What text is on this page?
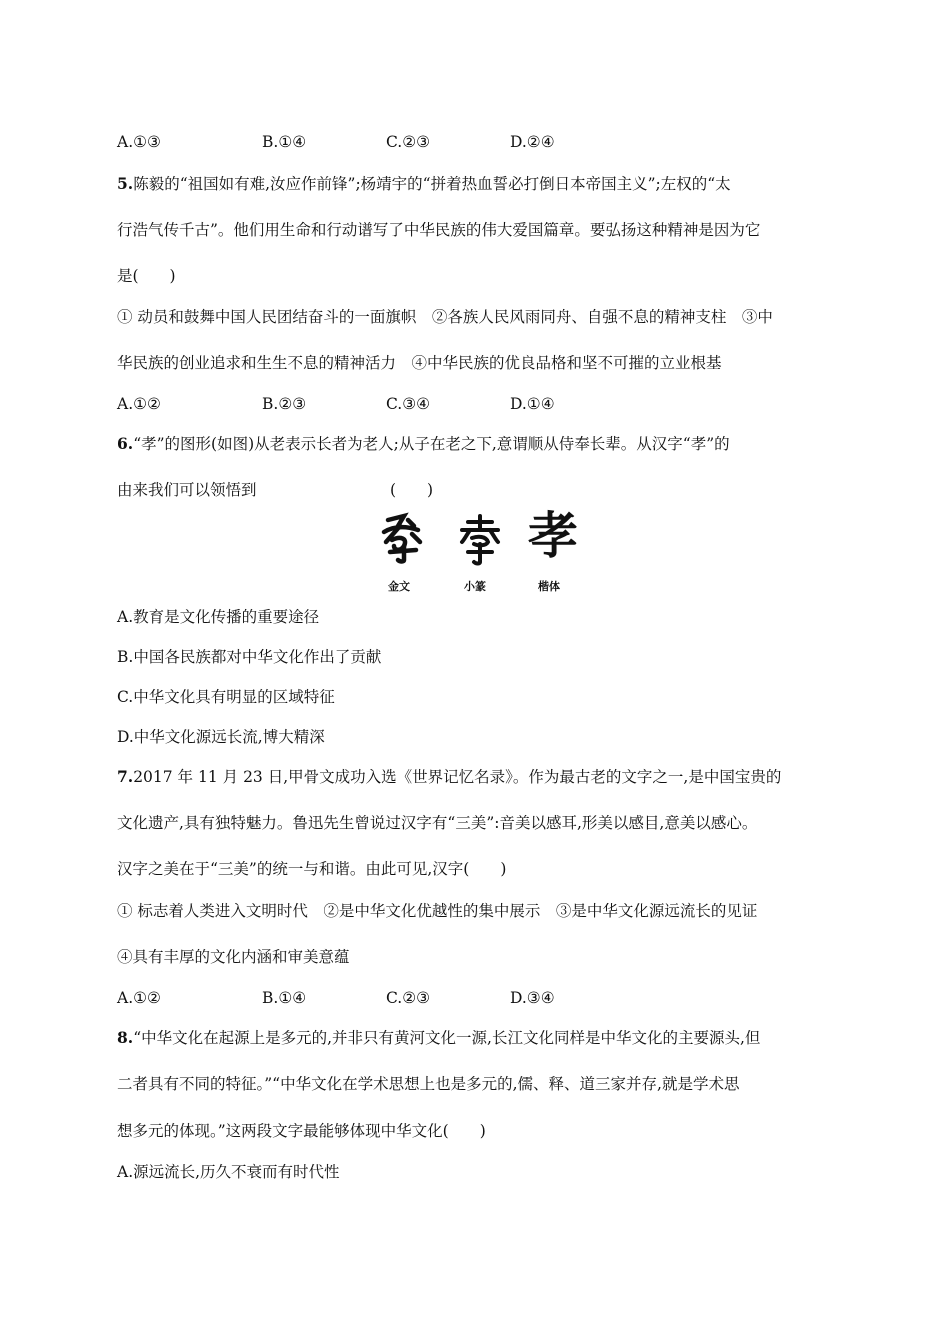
A.①③	B.①④	C.②③	D.②④
5.陈毅的“祖国如有难,汝应作前锋”;杨靖宇的“拼着热血誓必打倒日本帝国主义”;左权的“太
行浩气传千古”。他们用生命和行动谱写了中华民族的伟大爱国篇章。要弘扬这种精神是因为它
是(　　)
① 动员和鼓舞中国人民团结奋斗的一面旗帜　②各族人民风雨同舟、自强不息的精神支柱　③中
华民族的创业追求和生生不息的精神活力　④中华民族的优良品格和坚不可摧的立业根基
A.①②	B.②③	C.③④	D.①④
6.“孝”的图形(如图)从老表示长者为老人;从子在老之下,意谓顺从侍奉长辈。从汉字“孝”的
由来我们可以领悟到	(　　)
孝
金文	小篆	楷体
A.教育是文化传播的重要途径
B.中国各民族都对中华文化作出了贡献
C.中华文化具有明显的区域特征
D.中华文化源远长流,博大精深
7.2017 年 11 月 23 日,甲骨文成功入选《世界记忆名录》。作为最古老的文字之一,是中国宝贵的
文化遗产,具有独特魅力。鲁迅先生曾说过汉字有“三美”:音美以感耳,形美以感目,意美以感心。
汉字之美在于“三美”的统一与和谐。由此可见,汉字(　　)
① 标志着人类进入文明时代　②是中华文化优越性的集中展示　③是中华文化源远流长的见证
④具有丰厚的文化内涵和审美意蕴
A.①②	B.①④	C.②③	D.③④
8.“中华文化在起源上是多元的,并非只有黄河文化一源,长江文化同样是中华文化的主要源头,但
二者具有不同的特征。”“中华文化在学术思想上也是多元的,儒、释、道三家并存,就是学术思
想多元的体现。”这两段文字最能够体现中华文化(　　)
A.源远流长,历久不衰而有时代性
